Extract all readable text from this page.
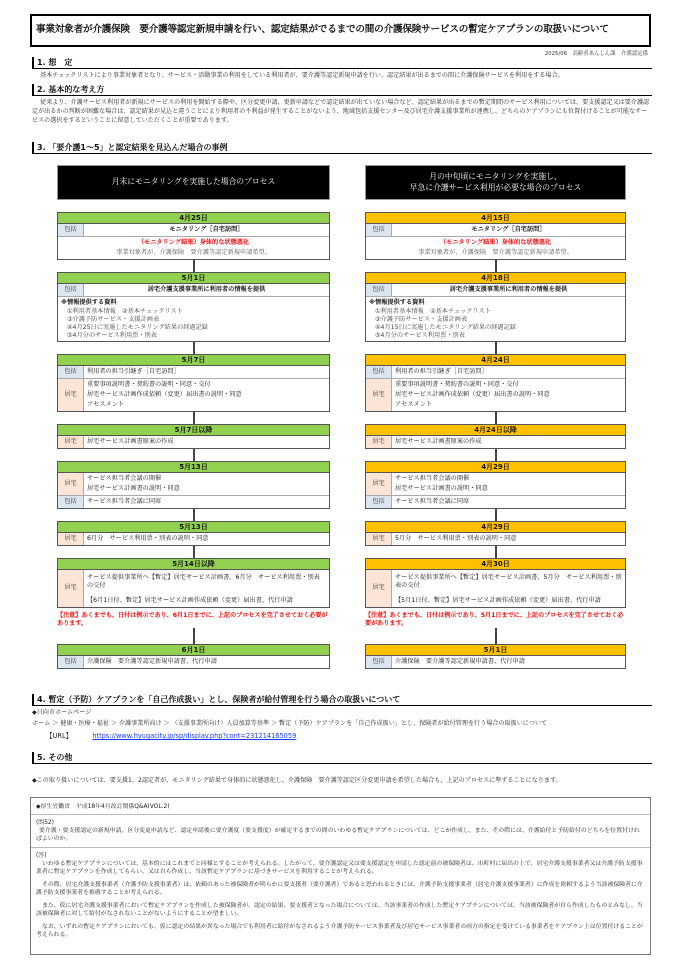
事業対象者が介護保険　要介護等認定新規申請を行い、認定結果がでるまでの間の介護保険サービスの暫定ケアプランの取扱いについて
2025/06　高齢者あんしん課　介護認定係
1. 想　定
基本チェックリストにより事業対象者となり、サービス・活動事業の利用をしている利用者が、要介護等認定新規申請を行い、認定結果が出るまでの間に介護保険サービスを利用をする場合。
2. 基本的な考え方
従来より、介護サービス利用者が新規にサービスの利用を開始する際や、区分変更申請、更新申請などで認定結果が出ていない場合など、認定結果が出るまでの暫定期間のサービス利用については、要支援認定又は要介護認定が出るかの判断が困難な場合は、認定結果が見込と違うことにより利用者の不利益が発生することがないよう、地域包括支援センター及び居宅介護支援事業所が連携し、どちらのケアプランにも位置付けることが可能なサービスの選択をするということに留意していただくことが重要であります。
3. 「要介護1～5」と認定結果を見込んだ場合の事例
月末にモニタリングを実施した場合のプロセス
4月25日
包括	モニタリング［自宅訪問］
（モニタリング結果）身体的な状態悪化
事業対象者が、介護保険　要介護等認定新規申請希望。
5月1日
包括	居宅介護支援事業所に利用者の情報を提供
※情報提供する資料
①利用者基本情報　②基本チェックリスト
③介護予防サービス・支援計画表
④4月25日に実施したモニタリング結果の経過記録
⑤4月分のサービス利用票・別表
5月7日
包括	利用者の担当引継ぎ［自宅訪問］
居宅
重要事項説明書・契約書の説明・同意・交付
居宅サービス計画作成依頼（変更）届出書の説明・同意
アセスメント
5月7日以降
居宅	居宅サービス計画書原案の作成
5月13日
居宅
サービス担当者会議の開催
居宅サービス計画書の説明・同意
包括	サービス担当者会議に同席
5月13日
居宅	6月分　サービス利用票・別表の説明・同意
5月14日以降
居宅
サービス提供事業所へ【暫定】居宅サービス計画書、6月分　サービス利用票・別表の交付
【6月1日付、暫定】居宅サービス計画作成依頼（変更）届出書、代行申請
【注意】あくまでも、日付は例示であり、6月1日までに、上記のプロセスを完了させておく必要があります。
6月1日
包括	介護保険　要介護等認定新規申請書、代行申請
月の中旬頃にモニタリングを実施し、
早急に介護サービス利用が必要な場合のプロセス
4月15日
包括	モニタリング［自宅訪問］
（モニタリング結果）身体的な状態悪化
事業対象者が、介護保険　要介護等認定新規申請希望。
4月18日
包括	居宅介護支援事業所に利用者の情報を提供
※情報提供する資料
①利用者基本情報　②基本チェックリスト
③介護予防サービス・支援計画表
④4月15日に実施したモニタリング結果の経過記録
⑤4月分のサービス利用票・別表
4月24日
包括	利用者の担当引継ぎ［自宅訪問］
居宅
重要事項説明書・契約書の説明・同意・交付
居宅サービス計画作成依頼（変更）届出書の説明・同意
アセスメント
4月24日以降
居宅	居宅サービス計画書原案の作成
4月29日
居宅
サービス担当者会議の開催
居宅サービス計画書の説明・同意
包括	サービス担当者会議に同席
4月29日
居宅	5月分　サービス利用票・別表の説明・同意
4月30日
居宅
サービス提供事業所へ【暫定】居宅サービス計画書、5月分　サービス利用票・別表の交付
【5月1日付、暫定】居宅サービス計画作成依頼（変更）届出書、代行申請
【注意】あくまでも、日付は例示であり、5月1日までに、上記のプロセスを完了させておく必要があります。
5月1日
包括	介護保険　要介護等認定新規申請書、代行申請
4. 暫定（予防）ケアプランを「自己作成扱い」とし、保険者が給付管理を行う場合の取扱いについて
◆日向市ホームページ
ホーム ＞ 健康・医療・福祉 ＞ 介護事業所向け ＞ （支援事業所向け）人員加算等基準 ＞ 暫定（予防）ケアプランを「自己作成扱い」とし、保険者が給付管理を行う場合の取扱いについて
【URL】	https://www.hyugacity.jp/sp/display.php?cont=231214165059
5. その他
◆この取り扱いについては、要支援1、2認定者が、モニタリング結果で身体的に状態悪化し、介護保険　要介護等認定区分変更申請を希望した場合も、上記のプロセスに準ずることになります。
◆厚生労働省　平成18年4月改訂関係Q&A(VOL.2)
(問52)
要介護・要支援認定の新規申請、区分変更申請など、認定申請後に要介護度（要支援度）が確定するまでの間のいわゆる暫定ケアプランについては、どこが作成し、また、その際には、介護給付と予防給付のどちらを位置付ければよいのか。
(答)

いわゆる暫定ケアプランについては、基本的にはこれまでと同様とすることが考えられる。したがって、要介護認定又は要支援認定を申請した認定前の被保険者は、市町村に届出の上で、居宅介護支援事業者又は介護予防支援事業者に暫定ケアプランを作成してもらい、又は自ら作成し、当該暫定ケアプランに基づきサービスを利用することが考えられる。

その際、居宅介護支援事業者（介護予防支援事業者）は、依頼のあった被保険者が明らかに要支援者（要介護者）であると思われるときには、介護予防支援事業者（居宅介護支援事業者）に作成を依頼するよう当該被保険者に介護予防支援事業者を推薦することが考えられる。

また、仮に居宅介護支援事業者において暫定ケアプランを作成した被保険者が、認定の結果、要支援者となった場合については、当該事業者の作成した暫定ケアプランについては、当該被保険者が自ら作成したものとみなし、当該被保険者に対して給付がなされないことがないようにすることが望ましい。

なお、いずれの暫定ケアプランにおいても、仮に認定の結果が異なった場合でも利用者に給付がなされるよう介護予防サービス事業者及び居宅サービス事業者の両方の指定を受けている事業者をケアプラン上は位置付けることが考えられる。
